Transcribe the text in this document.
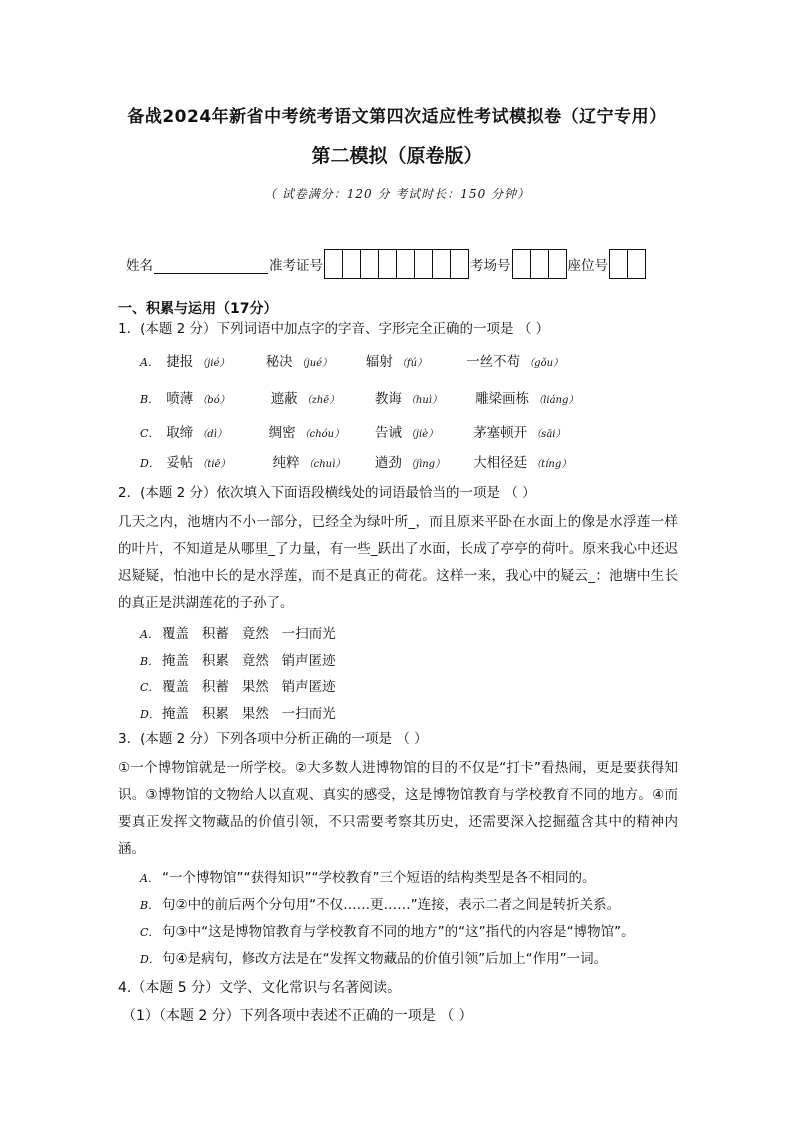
备战2024年新省中考统考语文第四次适应性考试模拟卷（辽宁专用）
第二模拟（原卷版）
（ 试卷满分：120 分 考试时长：150 分钟）
姓名	准考证号	考场号	座位号
一、积累与运用（17分）
1．(本题 2 分）下列词语中加点字的字音、字形完全正确的一项是 （ ）
A． 捷报 （jié）	秘决 （jué）	辐射 （fú）	一丝不苟 （gǒu）
B． 喷薄 （bó）	遮蔽 （zhē）	教诲 （huì） 雕梁画栋 （liáng）
C． 取缔 （dì）	绸密 （chóu） 告诫 （jiè）	茅塞顿开 （sāi）
D． 妥帖 （tiē）	纯粹 （chuì） 遒劲 （jìng） 大相径廷 （tíng）
2．(本题 2 分）依次填入下面语段横线处的词语最恰当的一项是 （ ）
几天之内，池塘内不小一部分，已经全为绿叶所_，而且原来平卧在水面上的像是水浮莲一样的叶片，不知道是从哪里_了力量，有一些_跃出了水面，长成了亭亭的荷叶。原来我心中还迟迟疑疑，怕池中长的是水浮莲，而不是真正的荷花。这样一来，我心中的疑云_：池塘中生长的真正是洪湖莲花的子孙了。
A． 覆盖   积蓄   竟然   一扫而光
B． 掩盖   积累   竟然   销声匿迹
C． 覆盖   积蓄   果然   销声匿迹
D． 掩盖   积累   果然   一扫而光
3．(本题 2 分）下列各项中分析正确的一项是 （ ）
①一个博物馆就是一所学校。②大多数人进博物馆的目的不仅是“打卡”看热闹，更是要获得知识。③博物馆的文物给人以直观、真实的感受，这是博物馆教育与学校教育不同的地方。④而要真正发挥文物藏品的价值引领，不只需要考察其历史，还需要深入挖掘蕴含其中的精神内涵。
A． “一个博物馆”“获得知识”“学校教育”三个短语的结构类型是各不相同的。
B． 句②中的前后两个分句用“不仅……更……”连接，表示二者之间是转折关系。
C． 句③中“这是博物馆教育与学校教育不同的地方”的“这”指代的内容是“博物馆”。
D． 句④是病句，修改方法是在“发挥文物藏品的价值引领”后加上“作用”一词。
4.（本题 5 分）文学、文化常识与名著阅读。
（1）（本题 2 分）下列各项中表述不正确的一项是 （ ）
